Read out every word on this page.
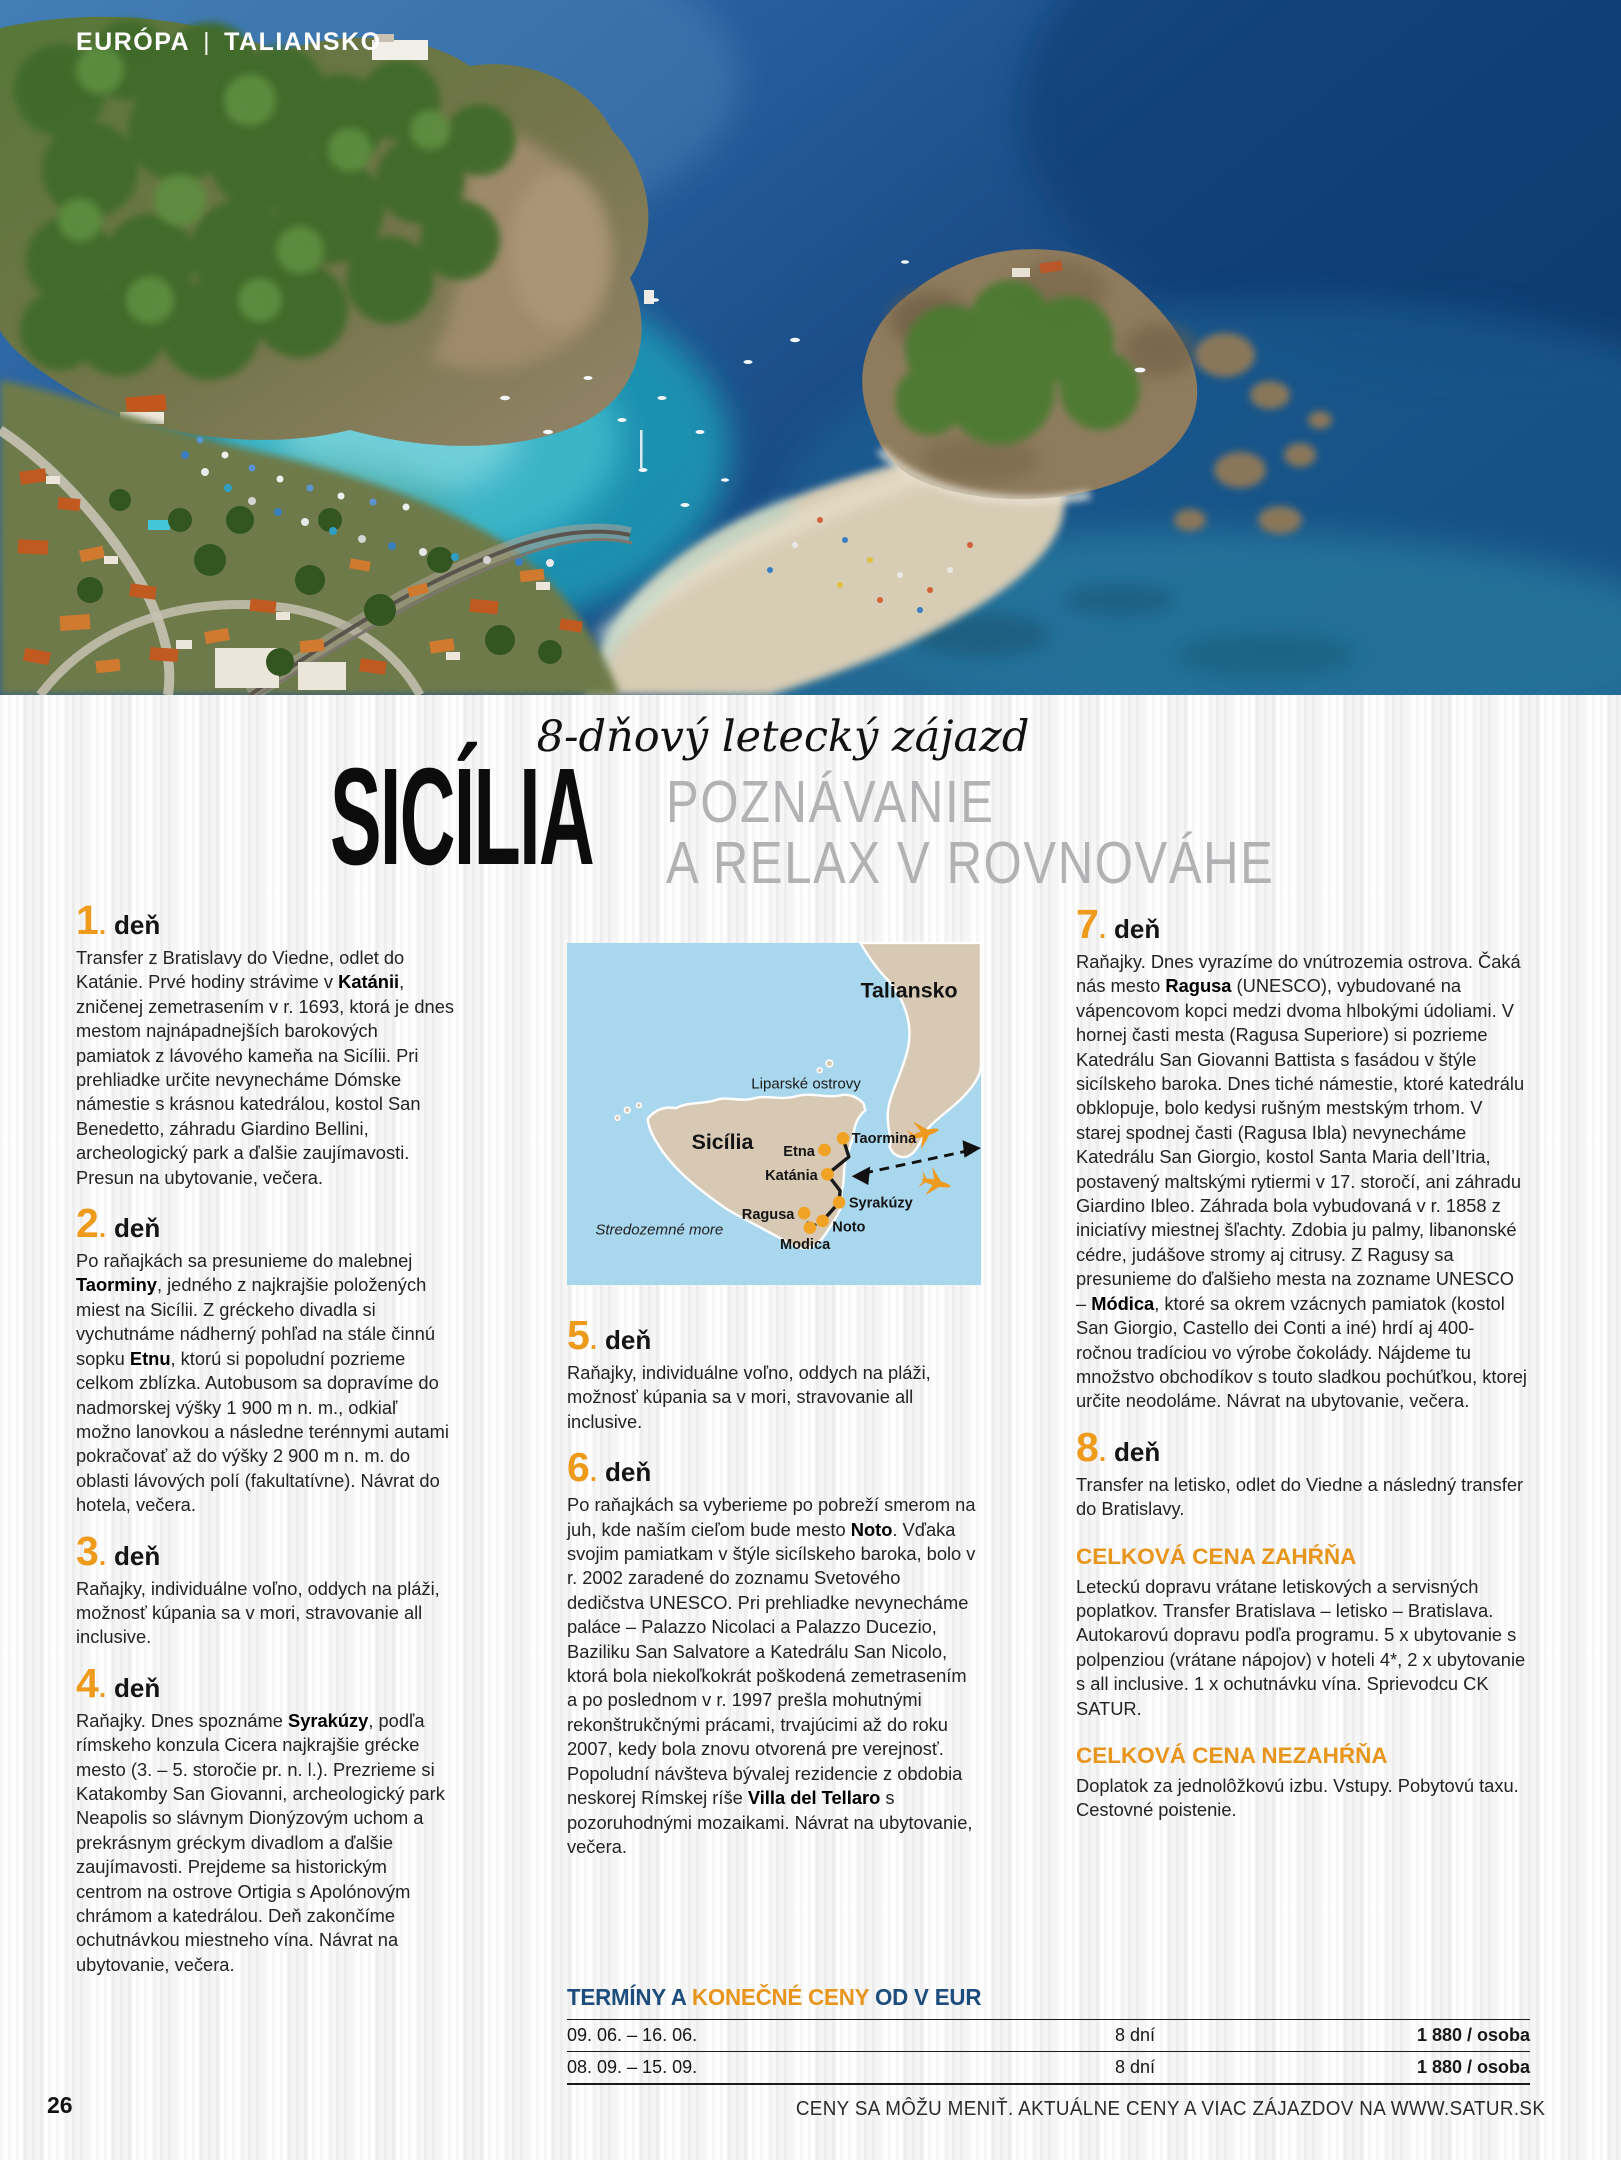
EURÓPA | TALIANSKO
8-dňový letecký zájazd
SICÍLIA POZNÁVANIE
A RELAX V ROVNOVÁHE
1 . deň

Transfer z Bratislavy do Viedne, odlet do Katánie. Prvé hodiny strávime v Katánii, zničenej zemetrasením v r. 1693, ktorá je dnes mestom najnápadnejších barokových pamiatok z lávového kameňa na Sicílii. Pri prehliadke určite nevynecháme Dómske námestie s krásnou katedrálou, kostol San Benedetto, záhradu Giardino Bellini, archeologický park a ďalšie zaujímavosti. Presun na ubytovanie, večera.

2 . deň

Po raňajkách sa presunieme do malebnej Taorminy, jedného z najkrajšie položených miest na Sicílii. Z gréckeho divadla si vychutnáme nádherný pohľad na stále činnú sopku Etnu, ktorú si popoludní pozrieme celkom zblízka. Autobusom sa dopravíme do nadmorskej výšky 1 900 m n. m., odkiaľ možno lanovkou a následne terénnymi autami pokračovať až do výšky 2 900 m n. m. do oblasti lávových polí (fakultatívne). Návrat do hotela, večera.

3 . deň

Raňajky, individuálne voľno, oddych na pláži, možnosť kúpania sa v mori, stravovanie all inclusive.

4 . deň

Raňajky. Dnes spoznáme Syrakúzy, podľa rímskeho konzula Cicera najkrajšie grécke mesto (3. – 5. storočie pr. n. l.). Prezrieme si Katakomby San Giovanni, archeologický park Neapolis so slávnym Dionýzovým uchom a prekrásnym gréckym divadlom a ďalšie zaujímavosti. Prejdeme sa historickým centrom na ostrove Ortigia s Apolónovým chrámom a katedrálou. Deň zakončíme ochutnávkou miestneho vína. Návrat na ubytovanie, večera.

Taliansko
Liparské ostrovy
Sicília
Stredozemné more
Taormina
Etna
Katánia
Syrakúzy
Ragusa
Noto
Modica
5 . deň

Raňajky, individuálne voľno, oddych na pláži, možnosť kúpania sa v mori, stravovanie all inclusive.

6 . deň

Po raňajkách sa vyberieme po pobreží smerom na juh, kde naším cieľom bude mesto Noto. Vďaka svojim pamiatkam v štýle sicílskeho baroka, bolo v r. 2002 zaradené do zoznamu Svetového dedičstva UNESCO. Pri prehliadke nevynecháme paláce – Palazzo Nicolaci a Palazzo Ducezio, Baziliku San Salvatore a Katedrálu San Nicolo, ktorá bola niekoľkokrát poškodená zemetrasením a po poslednom v r. 1997 prešla mohutnými rekonštrukčnými prácami, trvajúcimi až do roku 2007, kedy bola znovu otvorená pre verejnosť. Popoludní návšteva bývalej rezidencie z obdobia neskorej Rímskej ríše Villa del Tellaro s pozoruhodnými mozaikami. Návrat na ubytovanie, večera.

7 . deň

Raňajky. Dnes vyrazíme do vnútrozemia ostrova. Čaká nás mesto Ragusa (UNESCO), vybudované na vápencovom kopci medzi dvoma hlbokými údoliami. V hornej časti mesta (Ragusa Superiore) si pozrieme Katedrálu San Giovanni Battista s fasádou v štýle sicílskeho baroka. Dnes tiché námestie, ktoré katedrálu obklopuje, bolo kedysi rušným mestským trhom. V starej spodnej časti (Ragusa Ibla) nevynecháme Katedrálu San Giorgio, kostol Santa Maria dell’Itria, postavený maltskými rytiermi v 17. storočí, ani záhradu Giardino Ibleo. Záhrada bola vybudovaná v r. 1858 z iniciatívy miestnej šľachty. Zdobia ju palmy, libanonské cédre, judášove stromy aj citrusy. Z Ragusy sa presunieme do ďalšieho mesta na zozname UNESCO – Módica, ktoré sa okrem vzácnych pamiatok (kostol San Giorgio, Castello dei Conti a iné) hrdí aj 400-ročnou tradíciou vo výrobe čokolády. Nájdeme tu množstvo obchodíkov s touto sladkou pochúťkou, ktorej určite neodoláme. Návrat na ubytovanie, večera.

8 . deň

Transfer na letisko, odlet do Viedne a následný transfer do Bratislavy.

CELKOVÁ CENA ZAHŔŇA

Leteckú dopravu vrátane letiskových a servisných poplatkov. Transfer Bratislava – letisko – Bratislava. Autokarovú dopravu podľa programu. 5 x ubytovanie s polpenziou (vrátane nápojov) v hoteli 4*, 2 x ubytovanie s all inclusive. 1 x ochutnávku vína. Sprievodcu CK SATUR.

CELKOVÁ CENA NEZAHŔŇA

Doplatok za jednolôžkovú izbu. Vstupy. Pobytovú taxu. Cestovné poistenie.

TERMÍNY A KONEČNÉ CENY OD V EUR
09. 06. – 16. 06.	8 dní	1 880 / osoba
08. 09. – 15. 09.	8 dní	1 880 / osoba
26	CENY SA MÔŽU MENIŤ. AKTUÁLNE CENY A VIAC ZÁJAZDOV NA WWW.SATUR.SK
